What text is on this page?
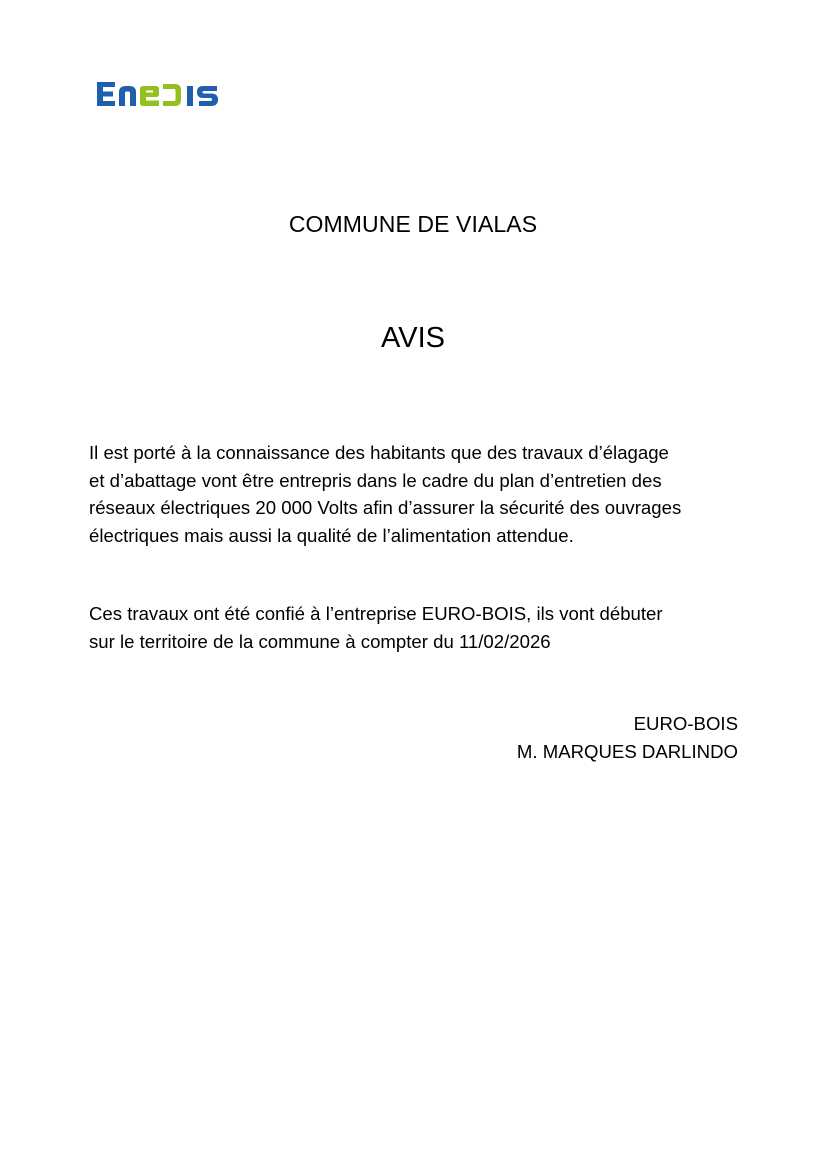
COMMUNE DE VIALAS
AVIS

Il est porté à la connaissance des habitants que des travaux d’élagage
et d’abattage vont être entrepris dans le cadre du plan d’entretien des
réseaux électriques 20 000 Volts afin d’assurer la sécurité des ouvrages
électriques mais aussi la qualité de l’alimentation attendue.

Ces travaux ont été confié à l’entreprise EURO-BOIS, ils vont débuter
sur le territoire de la commune à compter du 11/02/2026

EURO-BOIS
M. MARQUES DARLINDO
